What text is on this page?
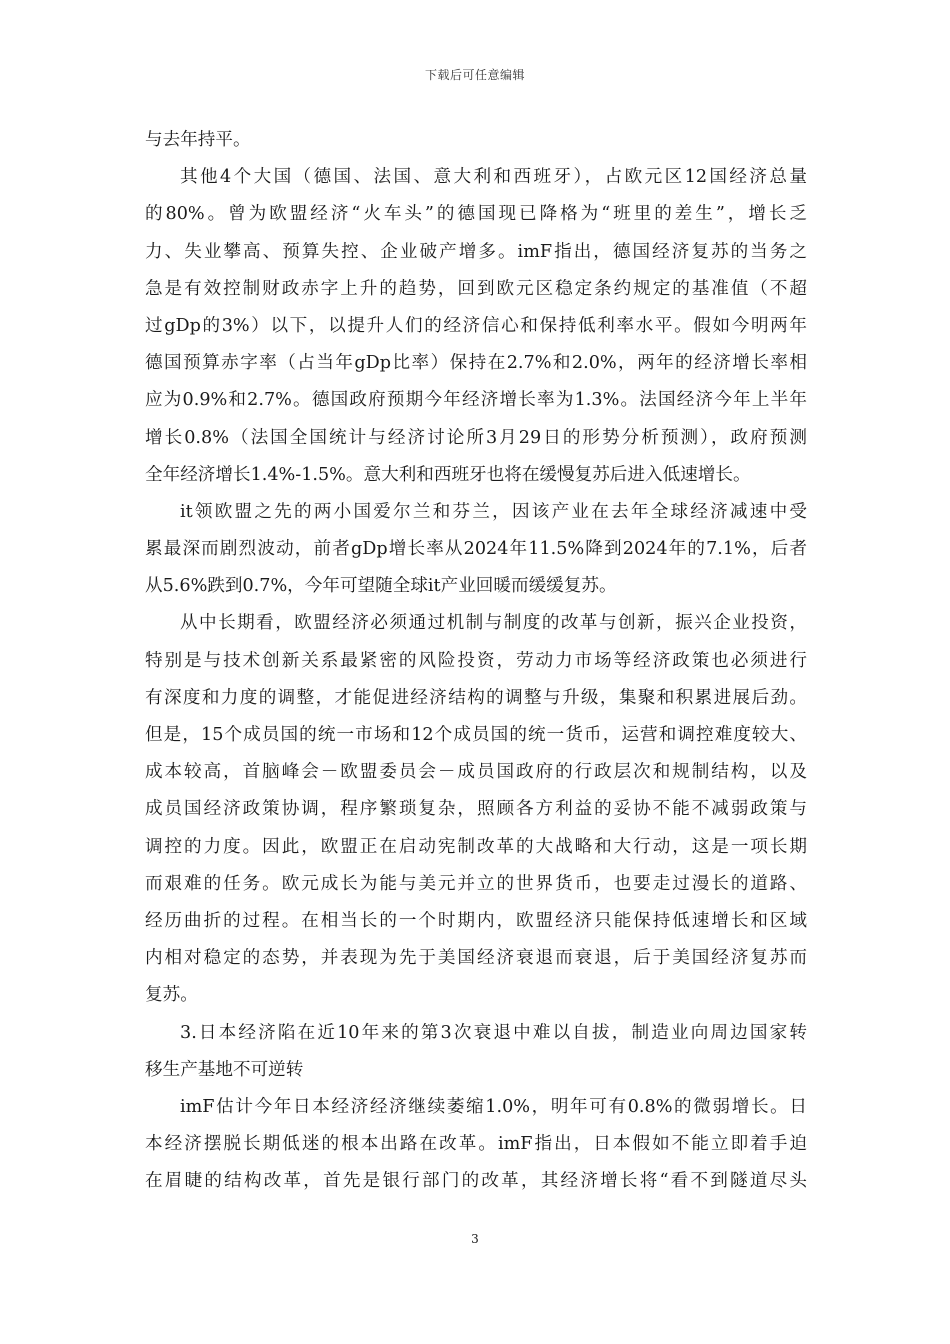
下载后可任意编辑
与去年持平。
其他4个大国（德国、法国、意大利和西班牙），占欧元区12国经济总量
的80%。曾为欧盟经济“火车头”的德国现已降格为“班里的差生”，增长乏
力、失业攀高、预算失控、企业破产增多。imF指出，德国经济复苏的当务之
急是有效控制财政赤字上升的趋势，回到欧元区稳定条约规定的基准值（不超
过gDp的3%）以下，以提升人们的经济信心和保持低利率水平。假如今明两年
德国预算赤字率（占当年gDp比率）保持在2.7%和2.0%，两年的经济增长率相
应为0.9%和2.7%。德国政府预期今年经济增长率为1.3%。法国经济今年上半年
增长0.8%（法国全国统计与经济讨论所3月29日的形势分析预测），政府预测
全年经济增长1.4%-1.5%。意大利和西班牙也将在缓慢复苏后进入低速增长。
it领欧盟之先的两小国爱尔兰和芬兰，因该产业在去年全球经济减速中受
累最深而剧烈波动，前者gDp增长率从2024年11.5%降到2024年的7.1%，后者
从5.6%跌到0.7%，今年可望随全球it产业回暖而缓缓复苏。
从中长期看，欧盟经济必须通过机制与制度的改革与创新，振兴企业投资，
特别是与技术创新关系最紧密的风险投资，劳动力市场等经济政策也必须进行
有深度和力度的调整，才能促进经济结构的调整与升级，集聚和积累进展后劲。
但是，15个成员国的统一市场和12个成员国的统一货币，运营和调控难度较大、
成本较高，首脑峰会－欧盟委员会－成员国政府的行政层次和规制结构，以及
成员国经济政策协调，程序繁琐复杂，照顾各方利益的妥协不能不减弱政策与
调控的力度。因此，欧盟正在启动宪制改革的大战略和大行动，这是一项长期
而艰难的任务。欧元成长为能与美元并立的世界货币，也要走过漫长的道路、
经历曲折的过程。在相当长的一个时期内，欧盟经济只能保持低速增长和区域
内相对稳定的态势，并表现为先于美国经济衰退而衰退，后于美国经济复苏而
复苏。
3.日本经济陷在近10年来的第3次衰退中难以自拔，制造业向周边国家转
移生产基地不可逆转
imF估计今年日本经济经济继续萎缩1.0%，明年可有0.8%的微弱增长。日
本经济摆脱长期低迷的根本出路在改革。imF指出，日本假如不能立即着手迫
在眉睫的结构改革，首先是银行部门的改革，其经济增长将“看不到隧道尽头
3
